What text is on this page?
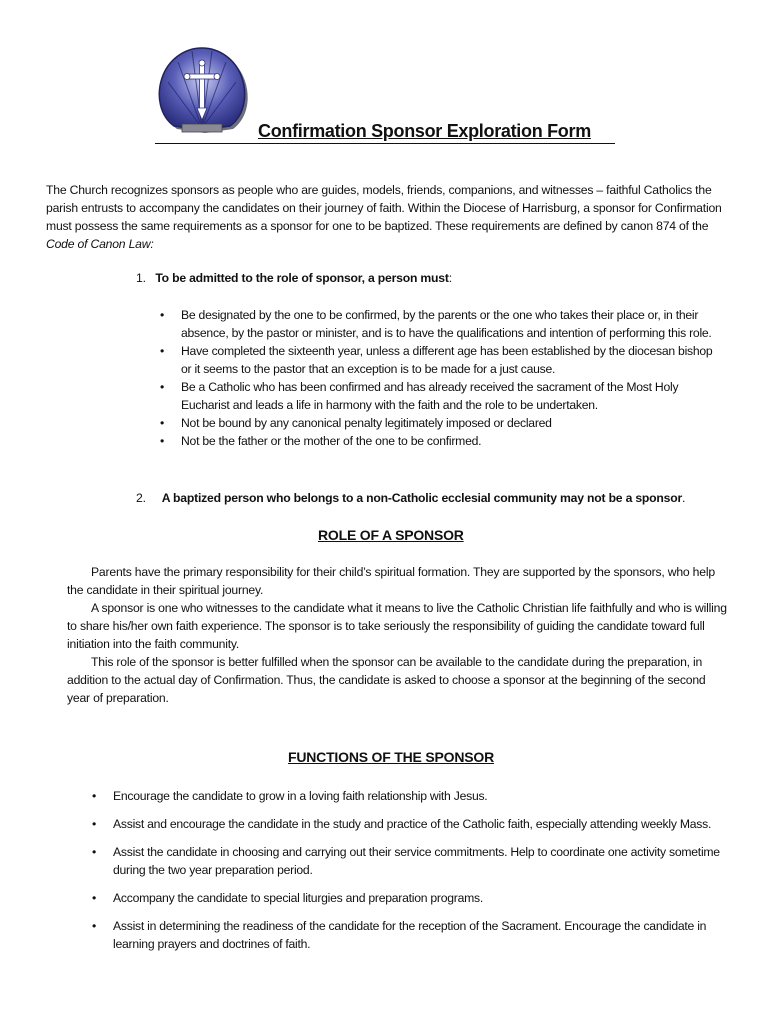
Confirmation Sponsor Exploration Form
The Church recognizes sponsors as people who are guides, models, friends, companions, and witnesses – faithful Catholics the parish entrusts to accompany the candidates on their journey of faith. Within the Diocese of Harrisburg, a sponsor for Confirmation must possess the same requirements as a sponsor for one to be baptized. These requirements are defined by canon 874 of the Code of Canon Law:
1. To be admitted to the role of sponsor, a person must:
• Be designated by the one to be confirmed, by the parents or the one who takes their place or, in their absence, by the pastor or minister, and is to have the qualifications and intention of performing this role.
• Have completed the sixteenth year, unless a different age has been established by the diocesan bishop or it seems to the pastor that an exception is to be made for a just cause.
• Be a Catholic who has been confirmed and has already received the sacrament of the Most Holy Eucharist and leads a life in harmony with the faith and the role to be undertaken.
• Not be bound by any canonical penalty legitimately imposed or declared
• Not be the father or the mother of the one to be confirmed.
2. A baptized person who belongs to a non-Catholic ecclesial community may not be a sponsor.
ROLE OF A SPONSOR

Parents have the primary responsibility for their child’s spiritual formation. They are supported by the sponsors, who help the candidate in their spiritual journey.

A sponsor is one who witnesses to the candidate what it means to live the Catholic Christian life faithfully and who is willing to share his/her own faith experience. The sponsor is to take seriously the responsibility of guiding the candidate toward full initiation into the faith community.

This role of the sponsor is better fulfilled when the sponsor can be available to the candidate during the preparation, in addition to the actual day of Confirmation. Thus, the candidate is asked to choose a sponsor at the beginning of the second year of preparation.

FUNCTIONS OF THE SPONSOR
• Encourage the candidate to grow in a loving faith relationship with Jesus.
• Assist and encourage the candidate in the study and practice of the Catholic faith, especially attending weekly Mass.
• Assist the candidate in choosing and carrying out their service commitments. Help to coordinate one activity sometime during the two year preparation period.
• Accompany the candidate to special liturgies and preparation programs.
• Assist in determining the readiness of the candidate for the reception of the Sacrament. Encourage the candidate in learning prayers and doctrines of faith.
